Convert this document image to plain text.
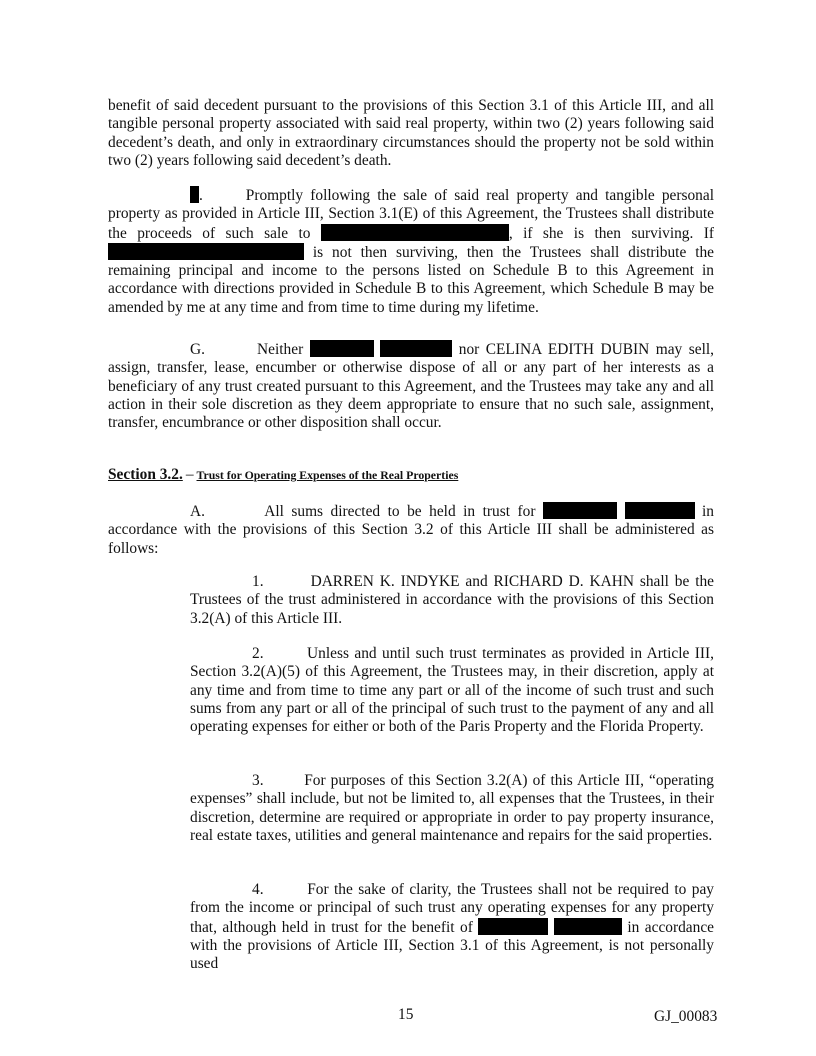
benefit of said decedent pursuant to the provisions of this Section 3.1 of this Article III, and all tangible personal property associated with said real property, within two (2) years following said decedent’s death, and only in extraordinary circumstances should the property not be sold within two (2) years following said decedent’s death.

.      Promptly following the sale of said real property and tangible personal property as provided in Article III, Section 3.1(E) of this Agreement, the Trustees shall distribute the proceeds of such sale to	, if she is then surviving. If  is not then surviving, then the Trustees shall distribute the remaining principal and income to the persons listed on Schedule B to this Agreement in accordance with directions provided in Schedule B to this Agreement, which Schedule B may be amended by me at any time and from time to time during my lifetime.

G.	Neither	nor CELINA EDITH DUBIN may sell, assign, transfer, lease, encumber or otherwise dispose of all or any part of her interests as a beneficiary of any trust created pursuant to this Agreement, and the Trustees may take any and all action in their sole discretion as they deem appropriate to ensure that no such sale, assignment, transfer, encumbrance or other disposition shall occur.

Section 3.2. – Trust for Operating Expenses of the Real Properties

A.	All sums directed to be held in trust for	in accordance with the provisions of this Section 3.2 of this Article III shall be administered as follows:

1.	DARREN K. INDYKE and RICHARD D. KAHN shall be the Trustees of the trust administered in accordance with the provisions of this Section 3.2(A) of this Article III.

2.	Unless and until such trust terminates as provided in Article III, Section 3.2(A)(5) of this Agreement, the Trustees may, in their discretion, apply at any time and from time to time any part or all of the income of such trust and such sums from any part or all of the principal of such trust to the payment of any and all operating expenses for either or both of the Paris Property and the Florida Property.

3.	For purposes of this Section 3.2(A) of this Article III, “operating expenses” shall include, but not be limited to, all expenses that the Trustees, in their discretion, determine are required or appropriate in order to pay property insurance, real estate taxes, utilities and general maintenance and repairs for the said properties.

4.	For the sake of clarity, the Trustees shall not be required to pay from the income or principal of such trust any operating expenses for any property that, although held in trust for the benefit of	in accordance with the provisions of Article III, Section 3.1 of this Agreement, is not personally used

15	GJ_00083
